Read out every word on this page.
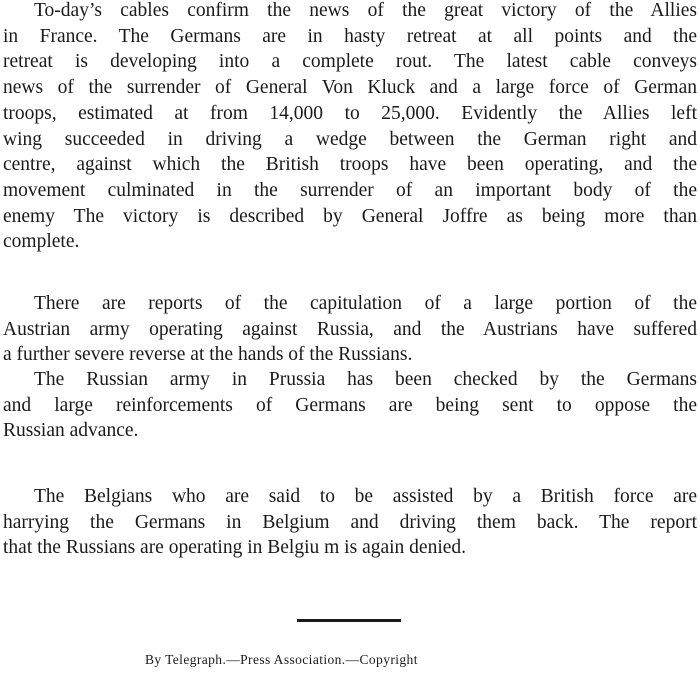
To-day’s cables confirm the news of the great victory of the Allies
in France. The Germans are in hasty retreat at all points and the
retreat is developing into a complete rout. The latest cable conveys
news of the surrender of General Von Kluck and a large force of German
troops, estimated at from 14,000 to 25,000. Evidently the Allies left
wing succeeded in driving a wedge between the German right and
centre, against which the British troops have been operating, and the
movement culminated in the surrender of an important body of the
enemy The victory is described by General Joffre as being more than
complete.
There are reports of the capitulation of a large portion of the
Austrian army operating against Russia, and the Austrians have suffered
a further severe reverse at the hands of the Russians.
The Russian army in Prussia has been checked by the Germans
and large reinforcements of Germans are being sent to oppose the
Russian advance.
The Belgians who are said to be assisted by a British force are
harrying the Germans in Belgium and driving them back. The report
that the Russians are operating in Belgiu m is again denied.
By Telegraph.—Press Association.—Copyright
